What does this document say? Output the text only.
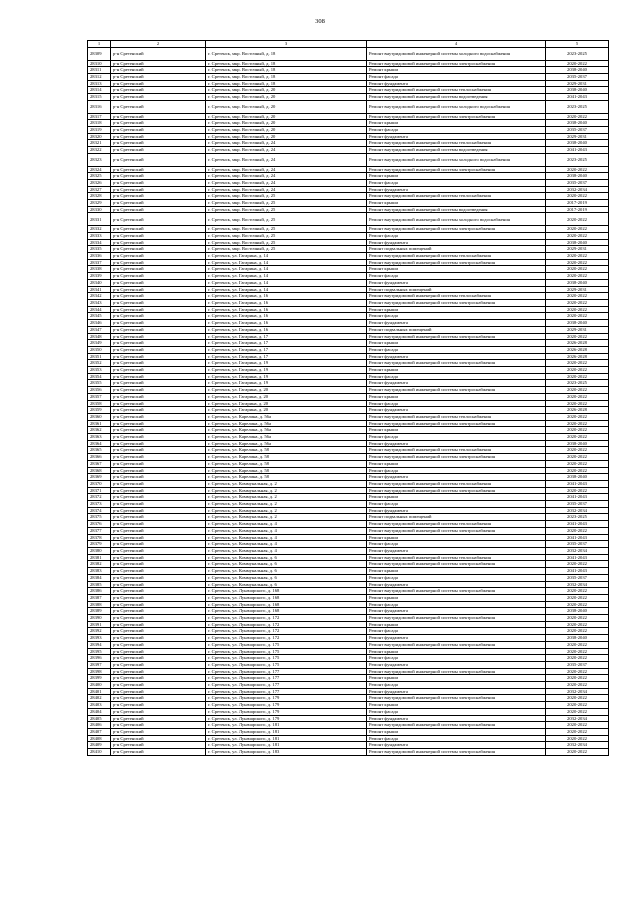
308
1	2	3	4	5
28309	р-н Сретенский	г. Сретенск, мкр. Восточный, д. 18	Ремонт внутридомовой инженерной системы холодного водоснабжения	2023-2025
28310	р-н Сретенский	г. Сретенск, мкр. Восточный, д. 18	Ремонт внутридомовой инженерной системы электроснабжения	2020-2022
28311	р-н Сретенский	г. Сретенск, мкр. Восточный, д. 18	Ремонт крыши	2038-2040
28312	р-н Сретенский	г. Сретенск, мкр. Восточный, д. 18	Ремонт фасада	2035-2037
28313	р-н Сретенский	г. Сретенск, мкр. Восточный, д. 18	Ремонт фундамента	2029-2031
28314	р-н Сретенский	г. Сретенск, мкр. Восточный, д. 20	Ремонт внутридомовой инженерной системы теплоснабжения	2038-2040
28315	р-н Сретенский	г. Сретенск, мкр. Восточный, д. 20	Ремонт внутридомовой инженерной системы водоотведения	2041-2043
28316	р-н Сретенский	г. Сретенск, мкр. Восточный, д. 20	Ремонт внутридомовой инженерной системы холодного водоснабжения	2023-2025
28317	р-н Сретенский	г. Сретенск, мкр. Восточный, д. 20	Ремонт внутридомовой инженерной системы электроснабжения	2020-2022
28318	р-н Сретенский	г. Сретенск, мкр. Восточный, д. 20	Ремонт крыши	2038-2040
28319	р-н Сретенский	г. Сретенск, мкр. Восточный, д. 20	Ремонт фасада	2035-2037
28320	р-н Сретенский	г. Сретенск, мкр. Восточный, д. 20	Ремонт фундамента	2029-2031
28321	р-н Сретенский	г. Сретенск, мкр. Восточный, д. 24	Ремонт внутридомовой инженерной системы теплоснабжения	2038-2040
28322	р-н Сретенский	г. Сретенск, мкр. Восточный, д. 24	Ремонт внутридомовой инженерной системы водоотведения	2041-2043
28323	р-н Сретенский	г. Сретенск, мкр. Восточный, д. 24	Ремонт внутридомовой инженерной системы холодного водоснабжения	2023-2025
28324	р-н Сретенский	г. Сретенск, мкр. Восточный, д. 24	Ремонт внутридомовой инженерной системы электроснабжения	2020-2022
28325	р-н Сретенский	г. Сретенск, мкр. Восточный, д. 24	Ремонт крыши	2038-2040
28326	р-н Сретенский	г. Сретенск, мкр. Восточный, д. 24	Ремонт фасада	2035-2037
28327	р-н Сретенский	г. Сретенск, мкр. Восточный, д. 24	Ремонт фундамента	2032-2034
28328	р-н Сретенский	г. Сретенск, мкр. Восточный, д. 25	Ремонт внутридомовой инженерной системы теплоснабжения	2020-2022
28329	р-н Сретенский	г. Сретенск, мкр. Восточный, д. 25	Ремонт крыши	2017-2019
28330	р-н Сретенский	г. Сретенск, мкр. Восточный, д. 25	Ремонт внутридомовой инженерной системы водоотведения	2017-2019
28331	р-н Сретенский	г. Сретенск, мкр. Восточный, д. 25	Ремонт внутридомовой инженерной системы холодного водоснабжения	2020-2022
28332	р-н Сретенский	г. Сретенск, мкр. Восточный, д. 25	Ремонт внутридомовой инженерной системы электроснабжения	2020-2022
28333	р-н Сретенский	г. Сретенск, мкр. Восточный, д. 25	Ремонт фасада	2020-2022
28334	р-н Сретенский	г. Сретенск, мкр. Восточный, д. 25	Ремонт фундамента	2038-2040
28335	р-н Сретенский	г. Сретенск, мкр. Восточный, д. 25	Ремонт подвальных помещений	2029-2031
28336	р-н Сретенский	г. Сретенск, ул. Гагарина, д. 14	Ремонт внутридомовой инженерной системы теплоснабжения	2020-2022
28337	р-н Сретенский	г. Сретенск, ул. Гагарина, д. 14	Ремонт внутридомовой инженерной системы электроснабжения	2020-2022
28338	р-н Сретенский	г. Сретенск, ул. Гагарина, д. 14	Ремонт крыши	2020-2022
28339	р-н Сретенский	г. Сретенск, ул. Гагарина, д. 14	Ремонт фасада	2020-2022
28340	р-н Сретенский	г. Сретенск, ул. Гагарина, д. 14	Ремонт фундамента	2038-2040
28341	р-н Сретенский	г. Сретенск, ул. Гагарина, д. 14	Ремонт подвальных помещений	2029-2031
28342	р-н Сретенский	г. Сретенск, ул. Гагарина, д. 16	Ремонт внутридомовой инженерной системы теплоснабжения	2020-2022
28343	р-н Сретенский	г. Сретенск, ул. Гагарина, д. 16	Ремонт внутридомовой инженерной системы электроснабжения	2020-2022
28344	р-н Сретенский	г. Сретенск, ул. Гагарина, д. 16	Ремонт крыши	2020-2022
28345	р-н Сретенский	г. Сретенск, ул. Гагарина, д. 16	Ремонт фасада	2020-2022
28346	р-н Сретенский	г. Сретенск, ул. Гагарина, д. 16	Ремонт фундамента	2038-2040
28347	р-н Сретенский	г. Сретенск, ул. Гагарина, д. 16	Ремонт подвальных помещений	2029-2031
28348	р-н Сретенский	г. Сретенск, ул. Гагарина, д. 17	Ремонт внутридомовой инженерной системы электроснабжения	2020-2022
28349	р-н Сретенский	г. Сретенск, ул. Гагарина, д. 17	Ремонт крыши	2026-2028
28350	р-н Сретенский	г. Сретенск, ул. Гагарина, д. 17	Ремонт фасада	2026-2028
28351	р-н Сретенский	г. Сретенск, ул. Гагарина, д. 17	Ремонт фундамента	2026-2028
28352	р-н Сретенский	г. Сретенск, ул. Гагарина, д. 19	Ремонт внутридомовой инженерной системы электроснабжения	2020-2022
28353	р-н Сретенский	г. Сретенск, ул. Гагарина, д. 19	Ремонт крыши	2020-2022
28354	р-н Сретенский	г. Сретенск, ул. Гагарина, д. 19	Ремонт фасада	2020-2022
28355	р-н Сретенский	г. Сретенск, ул. Гагарина, д. 19	Ремонт фундамента	2023-2025
28356	р-н Сретенский	г. Сретенск, ул. Гагарина, д. 20	Ремонт внутридомовой инженерной системы электроснабжения	2020-2022
28357	р-н Сретенский	г. Сретенск, ул. Гагарина, д. 20	Ремонт крыши	2020-2022
28358	р-н Сретенский	г. Сретенск, ул. Гагарина, д. 20	Ремонт фасада	2020-2022
28359	р-н Сретенский	г. Сретенск, ул. Гагарина, д. 20	Ремонт фундамента	2026-2028
28360	р-н Сретенский	г. Сретенск, ул. Карелина, д. 56а	Ремонт внутридомовой инженерной системы теплоснабжения	2020-2022
28361	р-н Сретенский	г. Сретенск, ул. Карелина, д. 56а	Ремонт внутридомовой инженерной системы электроснабжения	2020-2022
28362	р-н Сретенский	г. Сретенск, ул. Карелина, д. 56а	Ремонт крыши	2020-2022
28363	р-н Сретенский	г. Сретенск, ул. Карелина, д. 56а	Ремонт фасада	2020-2022
28364	р-н Сретенский	г. Сретенск, ул. Карелина, д. 56а	Ремонт фундамента	2038-2040
28365	р-н Сретенский	г. Сретенск, ул. Карелина, д. 58	Ремонт внутридомовой инженерной системы теплоснабжения	2020-2022
28366	р-н Сретенский	г. Сретенск, ул. Карелина, д. 58	Ремонт внутридомовой инженерной системы электроснабжения	2020-2022
28367	р-н Сретенский	г. Сретенск, ул. Карелина, д. 58	Ремонт крыши	2020-2022
28368	р-н Сретенский	г. Сретенск, ул. Карелина, д. 58	Ремонт фасада	2020-2022
28369	р-н Сретенский	г. Сретенск, ул. Карелина, д. 58	Ремонт фундамента	2038-2040
28370	р-н Сретенский	г. Сретенск, ул. Коммунальная, д. 2	Ремонт внутридомовой инженерной системы теплоснабжения	2041-2043
28371	р-н Сретенский	г. Сретенск, ул. Коммунальная, д. 2	Ремонт внутридомовой инженерной системы электроснабжения	2020-2022
28372	р-н Сретенский	г. Сретенск, ул. Коммунальная, д. 2	Ремонт крыши	2041-2043
28373	р-н Сретенский	г. Сретенск, ул. Коммунальная, д. 2	Ремонт фасада	2035-2037
28374	р-н Сретенский	г. Сретенск, ул. Коммунальная, д. 2	Ремонт фундамента	2032-2034
28375	р-н Сретенский	г. Сретенск, ул. Коммунальная, д. 2	Ремонт подвальных помещений	2023-2025
28376	р-н Сретенский	г. Сретенск, ул. Коммунальная, д. 4	Ремонт внутридомовой инженерной системы теплоснабжения	2041-2043
28377	р-н Сретенский	г. Сретенск, ул. Коммунальная, д. 4	Ремонт внутридомовой инженерной системы электроснабжения	2020-2022
28378	р-н Сретенский	г. Сретенск, ул. Коммунальная, д. 4	Ремонт крыши	2041-2043
28379	р-н Сретенский	г. Сретенск, ул. Коммунальная, д. 4	Ремонт фасада	2035-2037
28380	р-н Сретенский	г. Сретенск, ул. Коммунальная, д. 4	Ремонт фундамента	2032-2034
28381	р-н Сретенский	г. Сретенск, ул. Коммунальная, д. 6	Ремонт внутридомовой инженерной системы теплоснабжения	2041-2043
28382	р-н Сретенский	г. Сретенск, ул. Коммунальная, д. 6	Ремонт внутридомовой инженерной системы электроснабжения	2020-2022
28383	р-н Сретенский	г. Сретенск, ул. Коммунальная, д. 6	Ремонт крыши	2041-2043
28384	р-н Сретенский	г. Сретенск, ул. Коммунальная, д. 6	Ремонт фасада	2035-2037
28385	р-н Сретенский	г. Сретенск, ул. Коммунальная, д. 6	Ремонт фундамента	2032-2034
28386	р-н Сретенский	г. Сретенск, ул. Луначарского, д. 168	Ремонт внутридомовой инженерной системы электроснабжения	2020-2022
28387	р-н Сретенский	г. Сретенск, ул. Луначарского, д. 168	Ремонт крыши	2020-2022
28388	р-н Сретенский	г. Сретенск, ул. Луначарского, д. 168	Ремонт фасада	2020-2022
28389	р-н Сретенский	г. Сретенск, ул. Луначарского, д. 168	Ремонт фундамента	2038-2040
28390	р-н Сретенский	г. Сретенск, ул. Луначарского, д. 172	Ремонт внутридомовой инженерной системы электроснабжения	2020-2022
28391	р-н Сретенский	г. Сретенск, ул. Луначарского, д. 172	Ремонт крыши	2020-2022
28392	р-н Сретенский	г. Сретенск, ул. Луначарского, д. 172	Ремонт фасада	2020-2022
28393	р-н Сретенский	г. Сретенск, ул. Луначарского, д. 172	Ремонт фундамента	2038-2040
28394	р-н Сретенский	г. Сретенск, ул. Луначарского, д. 175	Ремонт внутридомовой инженерной системы электроснабжения	2020-2022
28395	р-н Сретенский	г. Сретенск, ул. Луначарского, д. 175	Ремонт крыши	2020-2022
28396	р-н Сретенский	г. Сретенск, ул. Луначарского, д. 175	Ремонт фасада	2020-2022
28397	р-н Сретенский	г. Сретенск, ул. Луначарского, д. 175	Ремонт фундамента	2035-2037
28398	р-н Сретенский	г. Сретенск, ул. Луначарского, д. 177	Ремонт внутридомовой инженерной системы электроснабжения	2020-2022
28399	р-н Сретенский	г. Сретенск, ул. Луначарского, д. 177	Ремонт крыши	2020-2022
28400	р-н Сретенский	г. Сретенск, ул. Луначарского, д. 177	Ремонт фасада	2020-2022
28401	р-н Сретенский	г. Сретенск, ул. Луначарского, д. 177	Ремонт фундамента	2032-2034
28402	р-н Сретенский	г. Сретенск, ул. Луначарского, д. 179	Ремонт внутридомовой инженерной системы электроснабжения	2020-2022
28403	р-н Сретенский	г. Сретенск, ул. Луначарского, д. 179	Ремонт крыши	2020-2022
28404	р-н Сретенский	г. Сретенск, ул. Луначарского, д. 179	Ремонт фасада	2020-2022
28405	р-н Сретенский	г. Сретенск, ул. Луначарского, д. 179	Ремонт фундамента	2032-2034
28406	р-н Сретенский	г. Сретенск, ул. Луначарского, д. 181	Ремонт внутридомовой инженерной системы электроснабжения	2020-2022
28407	р-н Сретенский	г. Сретенск, ул. Луначарского, д. 181	Ремонт крыши	2020-2022
28408	р-н Сретенский	г. Сретенск, ул. Луначарского, д. 181	Ремонт фасада	2020-2022
28409	р-н Сретенский	г. Сретенск, ул. Луначарского, д. 181	Ремонт фундамента	2032-2034
28410	р-н Сретенский	г. Сретенск, ул. Луначарского, д. 183	Ремонт внутридомовой инженерной системы электроснабжения	2020-2022
